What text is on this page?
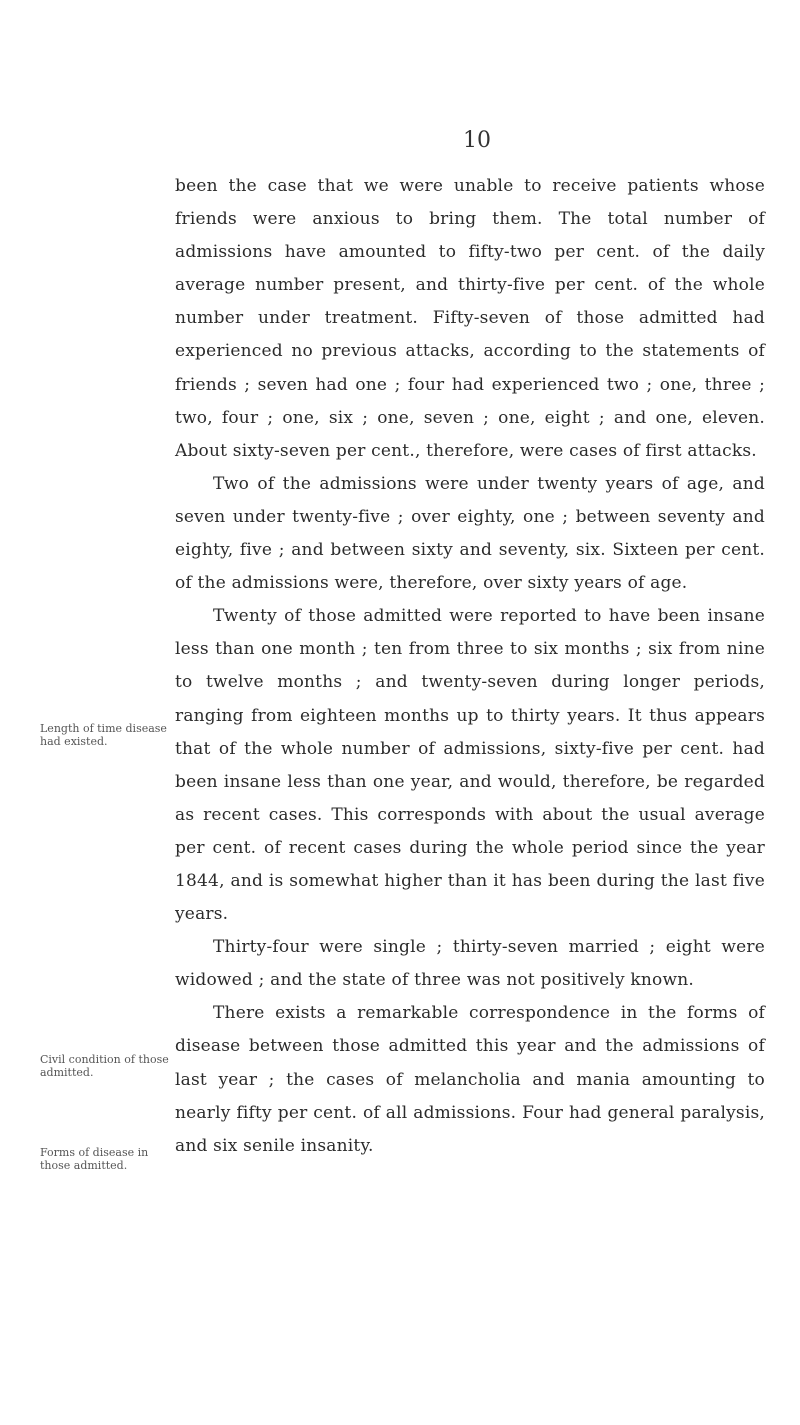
10

been the case that we were unable to receive patients whose friends were anxious to bring them. The total number of admissions have amounted to fifty-two per cent. of the daily average number present, and thirty-five per cent. of the whole number under treatment. Fifty-seven of those admitted had experienced no previous attacks, according to the statements of friends ; seven had one ; four had experienced two ; one, three ; two, four ; one, six ; one, seven ; one, eight ; and one, eleven. About sixty-seven per cent., therefore, were cases of first attacks.

Two of the admissions were under twenty years of age, and seven under twenty-five ; over eighty, one ; between seventy and eighty, five ; and between sixty and seventy, six. Sixteen per cent. of the admissions were, therefore, over sixty years of age.

Twenty of those admitted were reported to have been insane less than one month ; ten from three to six months ; six from nine to twelve months ; and twenty-seven during longer periods, ranging from eighteen months up to thirty years. It thus appears that of the whole number of admissions, sixty-five per cent. had been insane less than one year, and would, therefore, be regarded as recent cases. This corresponds with about the usual average per cent. of recent cases during the whole period since the year 1844, and is somewhat higher than it has been during the last five years.

Thirty-four were single ; thirty-seven married ; eight were widowed ; and the state of three was not positively known.

There exists a remarkable correspondence in the forms of disease between those admitted this year and the admissions of last year ; the cases of melancholia and mania amounting to nearly fifty per cent. of all admissions. Four had general paralysis, and six senile insanity.

Length of time disease had existed.
Civil condition of those admitted.
Forms of disease in those admitted.
